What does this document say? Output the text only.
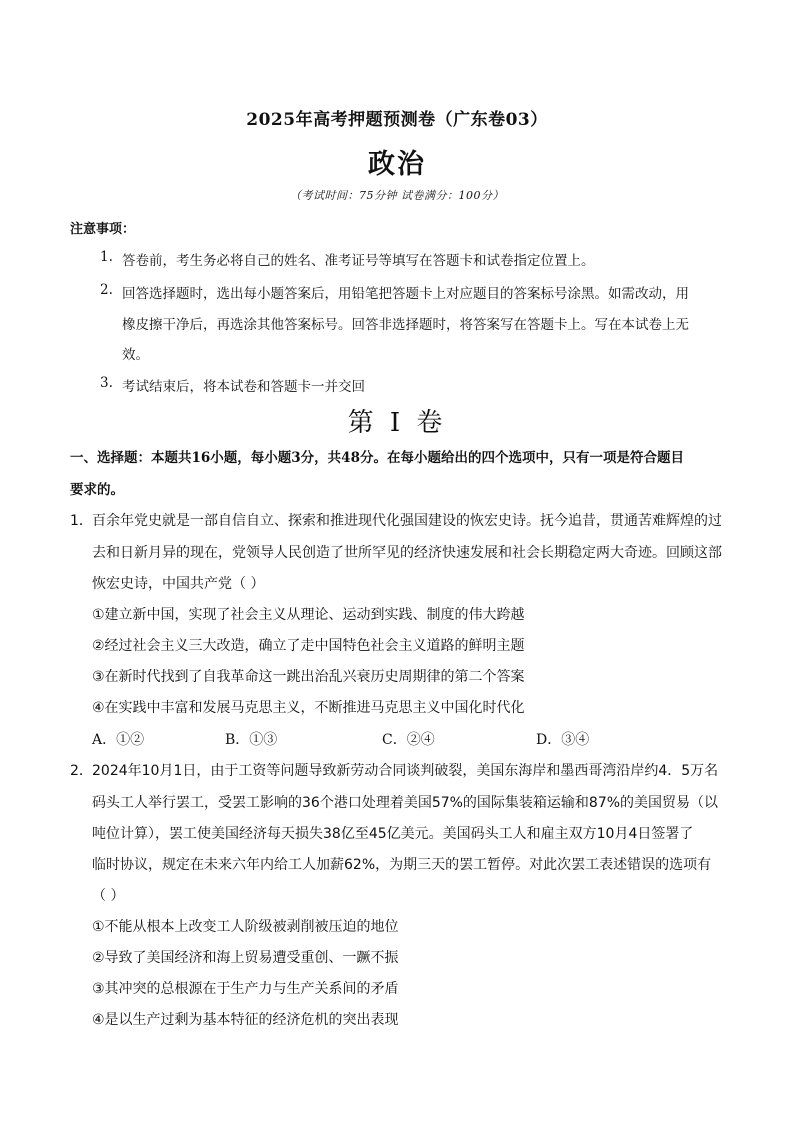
2025年高考押题预测卷（广东卷03）
政治
（考试时间：75分钟 试卷满分：100分）
注意事项：
1. 答卷前，考生务必将自己的姓名、准考证号等填写在答题卡和试卷指定位置上。
2. 回答选择题时，选出每小题答案后，用铅笔把答题卡上对应题目的答案标号涂黑。如需改动，用
橡皮擦干净后，再选涂其他答案标号。回答非选择题时，将答案写在答题卡上。写在本试卷上无
效。
3. 考试结束后，将本试卷和答题卡一并交回
第 I 卷
一、选择题：本题共16小题，每小题3分，共48分。在每小题给出的四个选项中，只有一项是符合题目
要求的。
1． 百余年党史就是一部自信自立、探索和推进现代化强国建设的恢宏史诗。抚今追昔，贯通苦难辉煌的过
去和日新月异的现在，党领导人民创造了世所罕见的经济快速发展和社会长期稳定两大奇迹。回顾这部
恢宏史诗，中国共产党（ ）
①建立新中国，实现了社会主义从理论、运动到实践、制度的伟大跨越
②经过社会主义三大改造，确立了走中国特色社会主义道路的鲜明主题
③在新时代找到了自我革命这一跳出治乱兴衰历史周期律的第二个答案
④在实践中丰富和发展马克思主义，不断推进马克思主义中国化时代化
A．①②	B．①③	C．②④	D．③④
2． 2024年10月1日，由于工资等问题导致新劳动合同谈判破裂，美国东海岸和墨西哥湾沿岸约4．5万名
码头工人举行罢工，受罢工影响的36个港口处理着美国57%的国际集装箱运输和87%的美国贸易（以
吨位计算），罢工使美国经济每天损失38亿至45亿美元。美国码头工人和雇主双方10月4日签署了
临时协议，规定在未来六年内给工人加薪62%，为期三天的罢工暂停。对此次罢工表述错误的选项有
（ ）
①不能从根本上改变工人阶级被剥削被压迫的地位
②导致了美国经济和海上贸易遭受重创、一蹶不振
③其冲突的总根源在于生产力与生产关系间的矛盾
④是以生产过剩为基本特征的经济危机的突出表现
